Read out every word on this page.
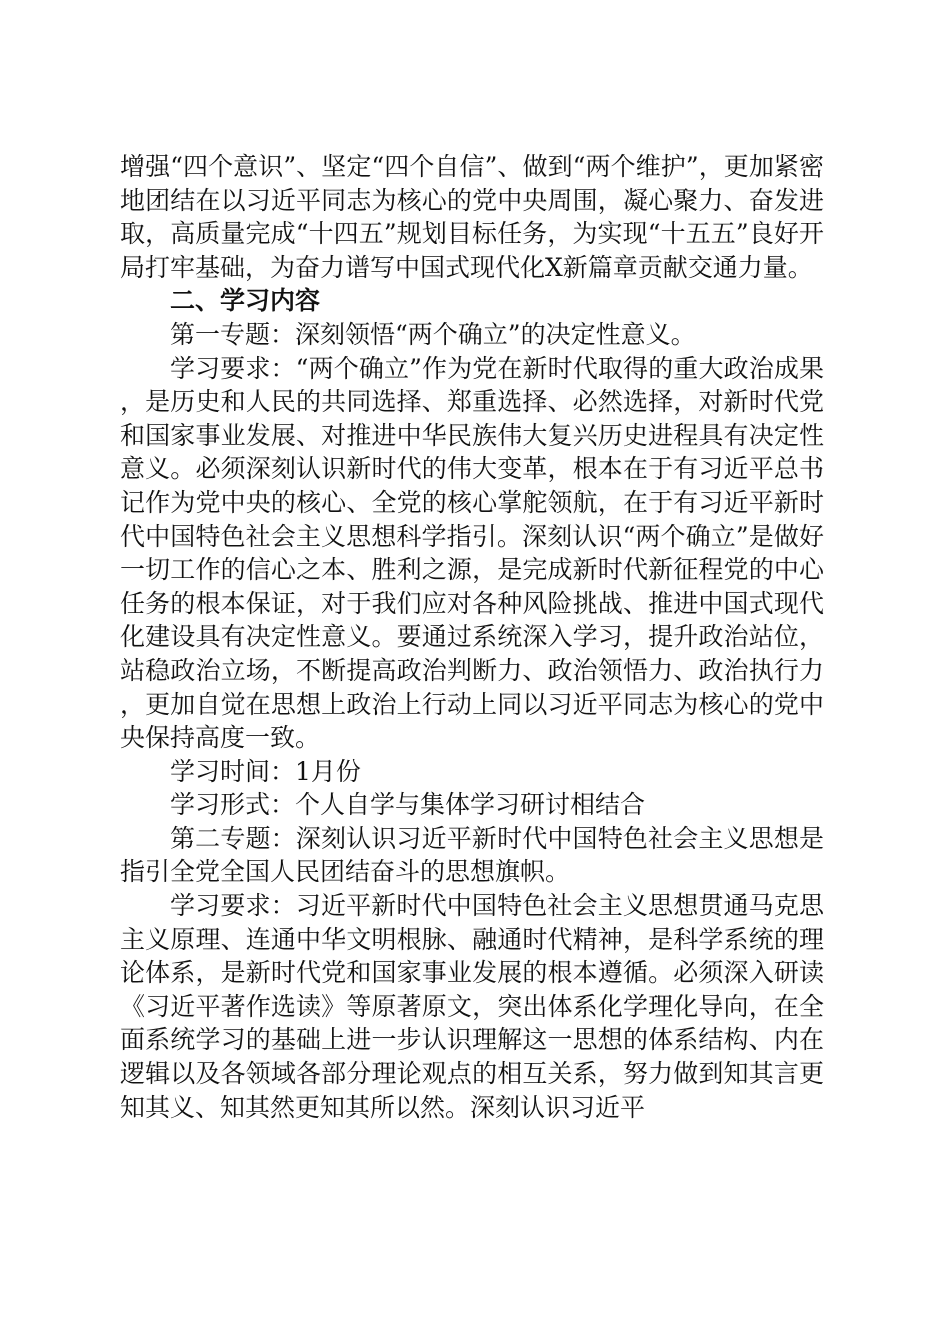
增强“四个意识”、坚定“四个自信”、做到“两个维护”，更加紧密地团结在以习近平同志为核心的党中央周围，凝心聚力、奋发进取，高质量完成“十四五”规划目标任务，为实现“十五五”良好开局打牢基础，为奋力谱写中国式现代化X新篇章贡献交通力量。

二、学习内容

第一专题：深刻领悟“两个确立”的决定性意义。

学习要求：“两个确立”作为党在新时代取得的重大政治成果，是历史和人民的共同选择、郑重选择、必然选择，对新时代党和国家事业发展、对推进中华民族伟大复兴历史进程具有决定性意义。必须深刻认识新时代的伟大变革，根本在于有习近平总书记作为党中央的核心、全党的核心掌舵领航，在于有习近平新时代中国特色社会主义思想科学指引。深刻认识“两个确立”是做好一切工作的信心之本、胜利之源，是完成新时代新征程党的中心任务的根本保证，对于我们应对各种风险挑战、推进中国式现代化建设具有决定性意义。要通过系统深入学习，提升政治站位，站稳政治立场，不断提高政治判断力、政治领悟力、政治执行力，更加自觉在思想上政治上行动上同以习近平同志为核心的党中央保持高度一致。

学习时间：1月份

学习形式：个人自学与集体学习研讨相结合

第二专题：深刻认识习近平新时代中国特色社会主义思想是指引全党全国人民团结奋斗的思想旗帜。

学习要求：习近平新时代中国特色社会主义思想贯通马克思主义原理、连通中华文明根脉、融通时代精神，是科学系统的理论体系，是新时代党和国家事业发展的根本遵循。必须深入研读《习近平著作选读》等原著原文，突出体系化学理化导向，在全面系统学习的基础上进一步认识理解这一思想的体系结构、内在逻辑以及各领域各部分理论观点的相互关系，努力做到知其言更知其义、知其然更知其所以然。深刻认识习近平
